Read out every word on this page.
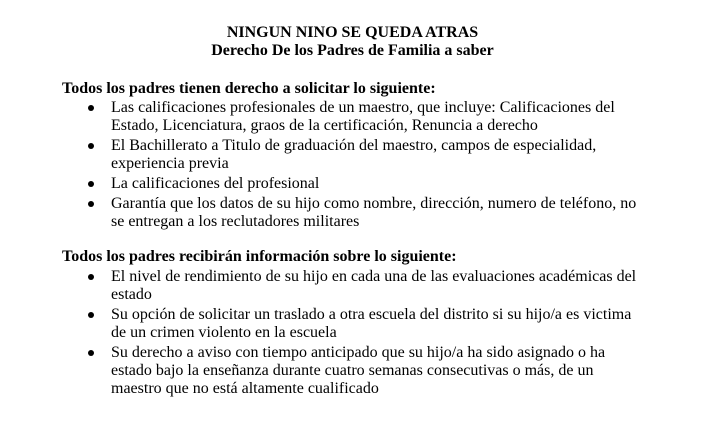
NINGUN NINO SE QUEDA ATRAS
Derecho De los Padres de Familia a saber
Todos los padres tienen derecho a solicitar lo siguiente:
Las calificaciones profesionales de un maestro, que incluye: Calificaciones del Estado, Licenciatura, graos de la certificación, Renuncia a derecho
El Bachillerato a Titulo de graduación del maestro, campos de especialidad, experiencia previa
La calificaciones del profesional
Garantía que los datos de su hijo como nombre, dirección, numero de teléfono, no se entregan a los reclutadores militares
Todos los padres recibirán información sobre lo siguiente:
El nivel de rendimiento de su hijo en cada una de las evaluaciones académicas del estado
Su opción de solicitar un traslado a otra escuela del distrito si su hijo/a es victima de un crimen violento en la escuela
Su derecho a aviso con tiempo anticipado que su hijo/a ha sido asignado o ha estado bajo la enseñanza durante cuatro semanas consecutivas o más, de un maestro que no está altamente cualificado
